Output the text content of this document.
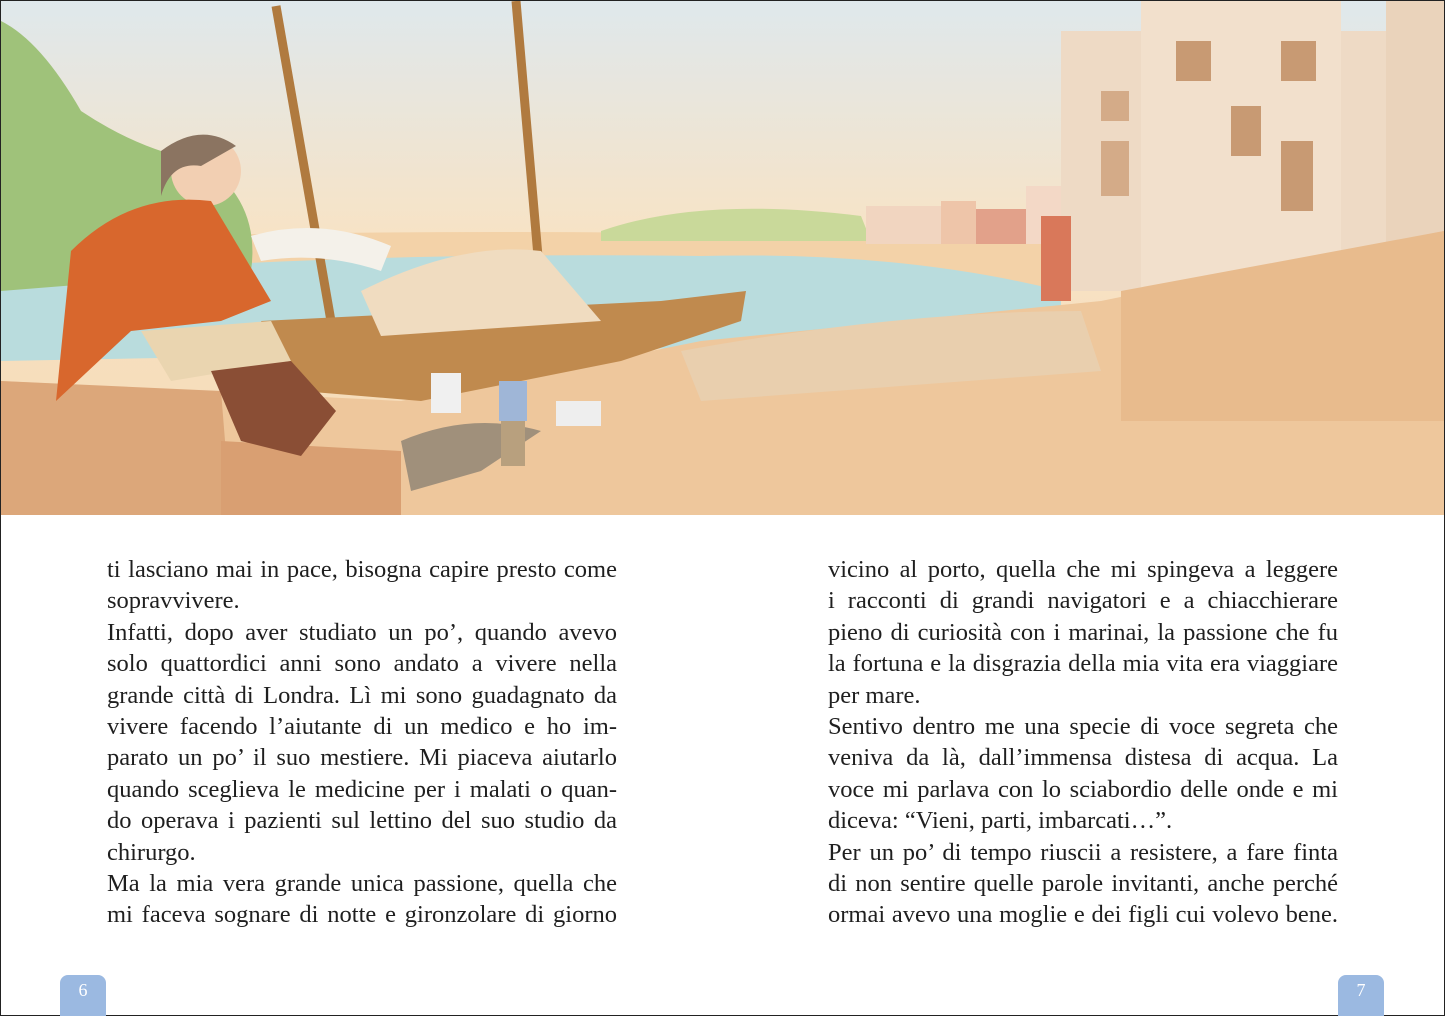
ti lasciano mai in pace, bisogna capire presto come
sopravvivere.
Infatti, dopo aver studiato un po’, quando avevo
solo quattordici anni sono andato a vivere nella
grande città di Londra. Lì mi sono guadagnato da
vivere facendo l’aiutante di un medico e ho im-
parato un po’ il suo mestiere. Mi piaceva aiutarlo
quando sceglieva le medicine per i malati o quan-
do operava i pazienti sul lettino del suo studio da
chirurgo.
Ma la mia vera grande unica passione, quella che
mi faceva sognare di notte e gironzolare di giorno
vicino al porto, quella che mi spingeva a leggere
i racconti di grandi navigatori e a chiacchierare
pieno di curiosità con i marinai, la passione che fu
la fortuna e la disgrazia della mia vita era viaggiare
per mare.
Sentivo dentro me una specie di voce segreta che
veniva da là, dall’immensa distesa di acqua. La
voce mi parlava con lo sciabordio delle onde e mi
diceva: “Vieni, parti, imbarcati…”.
Per un po’ di tempo riuscii a resistere, a fare finta
di non sentire quelle parole invitanti, anche perché
ormai avevo una moglie e dei figli cui volevo bene.
6	7
